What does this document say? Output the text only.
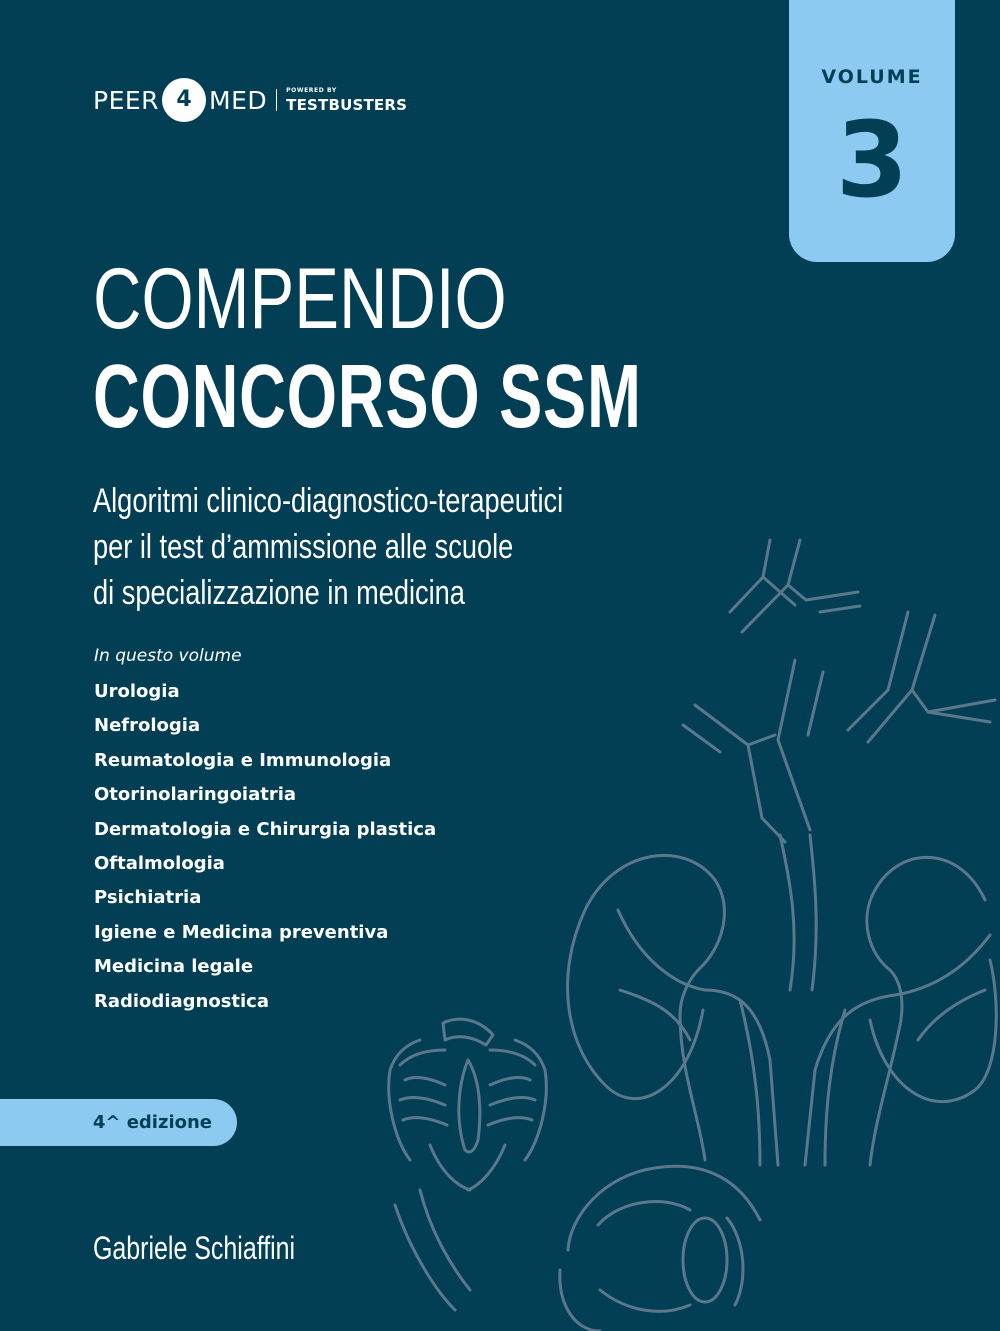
PEER 4 MED	POWERED BY
TESTBUSTERS
VOLUME
3
COMPENDIO
CONCORSO SSM
Algoritmi clinico-diagnostico-terapeutici
per il test d’ammissione alle scuole
di specializzazione in medicina
In questo volume
Urologia
Nefrologia
Reumatologia e Immunologia
Otorinolaringoiatria
Dermatologia e Chirurgia plastica
Oftalmologia
Psichiatria
Igiene e Medicina preventiva
Medicina legale
Radiodiagnostica
4^ edizione
Gabriele Schiaffini
